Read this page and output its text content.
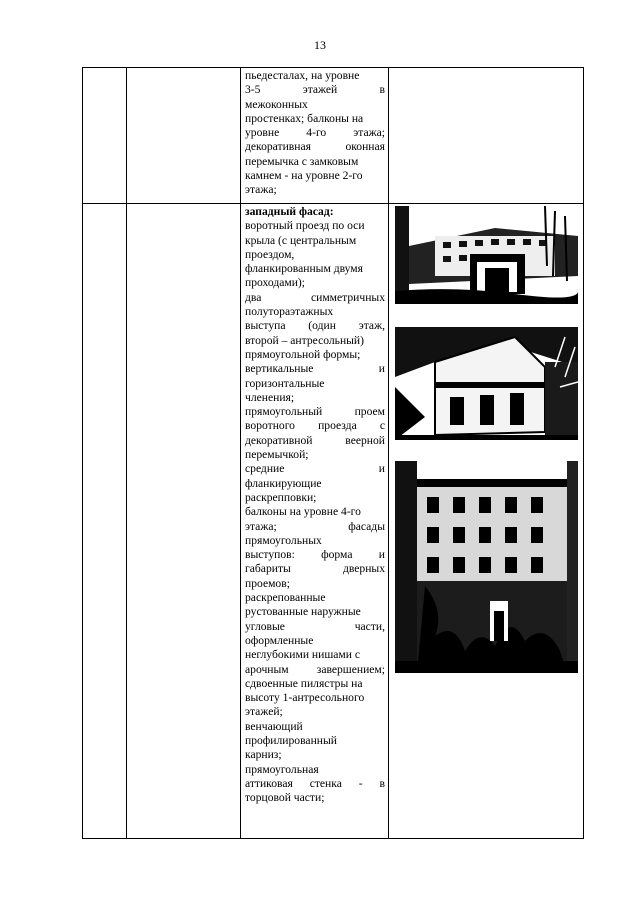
13
пьедесталах, на уровне
3-5	этажей	в
межоконных
простенках; балконы на
уровне 4-го этажа;
декоративная	оконная
перемычка с замковым
камнем - на уровне 2-го
этажа;
западный фасад:
воротный проезд по оси
крыла (с центральным
проездом,
фланкированным двумя
проходами);
два	симметричных
полутораэтажных
выступа (один этаж,
второй – антресольный)
прямоугольной формы;
вертикальные	и
горизонтальные
членения;
прямоугольный	проем
воротного проезда с
декоративной	веерной
перемычкой;
средние	и
фланкирующие
раскрепповки;
балконы на уровне 4-го
этажа;	фасады
прямоугольных
выступов: форма и
габариты	дверных
проемов;
раскрепованные
рустованные наружные
угловые	части,
оформленные
неглубокими нишами с
арочным завершением;
сдвоенные пилястры на
высоту 1-антресольного
этажей;
венчающий
профилированный
карниз;
прямоугольная
аттиковая стенка - в
торцовой части;
